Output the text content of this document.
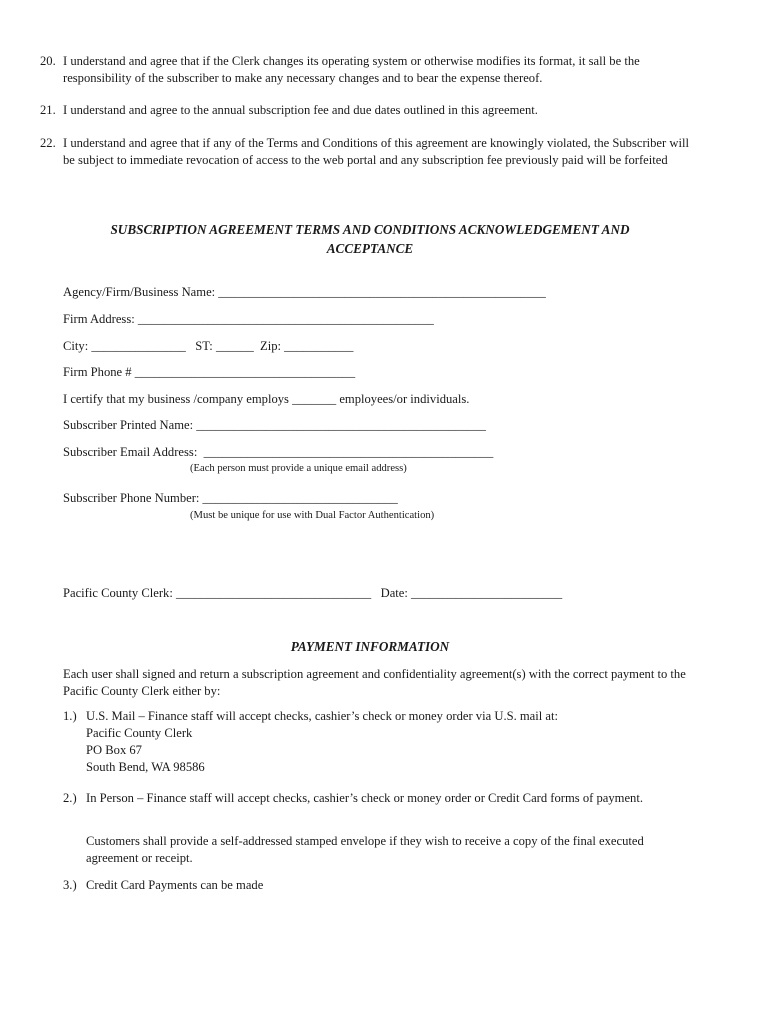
20. I understand and agree that if the Clerk changes its operating system or otherwise modifies its format, it sall be the responsibility of the subscriber to make any necessary changes and to bear the expense thereof.
21. I understand and agree to the annual subscription fee and due dates outlined in this agreement.
22. I understand and agree that if any of the Terms and Conditions of this agreement are knowingly violated, the Subscriber will be subject to immediate revocation of access to the web portal and any subscription fee previously paid will be forfeited
SUBSCRIPTION AGREEMENT TERMS AND CONDITIONS ACKNOWLEDGEMENT AND
ACCEPTANCE
Agency/Firm/Business Name: ____________________________________________________
Firm Address: _______________________________________________
City: _______________   ST: ______  Zip: ___________
Firm Phone # ___________________________________
I certify that my business /company employs _______ employees/or individuals.
Subscriber Printed Name: ______________________________________________
Subscriber Email Address:  ______________________________________________
(Each person must provide a unique email address)
Subscriber Phone Number: _______________________________
(Must be unique for use with Dual Factor Authentication)
Pacific County Clerk: _______________________________   Date: ________________________
PAYMENT INFORMATION
Each user shall signed and return a subscription agreement and confidentiality agreement(s) with the correct payment to the Pacific County Clerk either by:
1.) U.S. Mail – Finance staff will accept checks, cashier’s check or money order via U.S. mail at:
Pacific County Clerk
PO Box 67
South Bend, WA 98586
2.) In Person – Finance staff will accept checks, cashier’s check or money order or Credit Card forms of payment.
Customers shall provide a self-addressed stamped envelope if they wish to receive a copy of the final executed agreement or receipt.
3.) Credit Card Payments can be made
